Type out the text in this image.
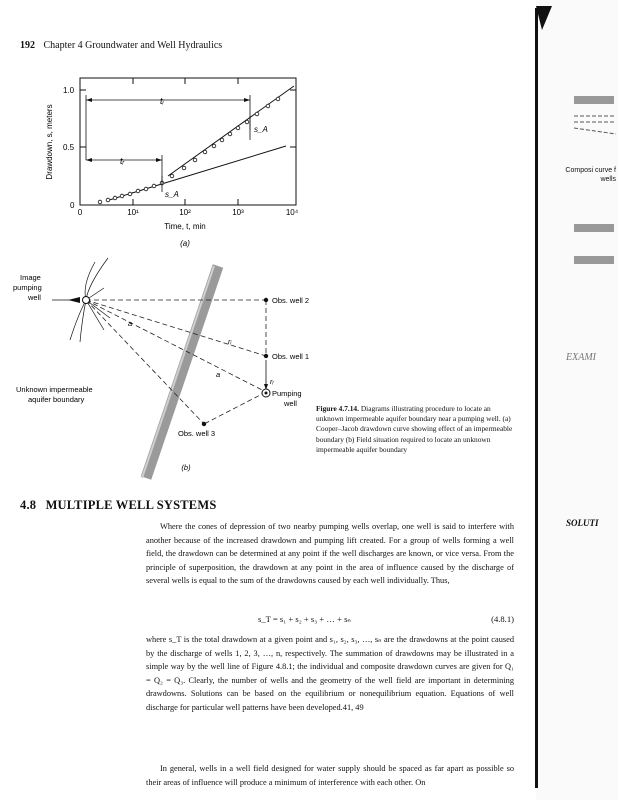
192 Chapter 4 Groundwater and Well Hydraulics
tᵢ
tᵣ
s_A
s_A
1.0
0.5
0
0	10¹	10²	10³	10⁴
Time, t, min
Drawdown, s, meters
(a)
Image pumping well	Obs. well 2
Obs. well 1
Pumping well
Obs. well 3
Unknown impermeable aquifer boundary
a
a
rᵢ
rᵣ
(b)
Figure 4.7.14. Diagrams illustrating procedure to locate an unknown impermeable aquifer boundary near a pumping well. (a) Cooper–Jacob drawdown curve showing effect of an impermeable boundary (b) Field situation required to locate an unknown impermeable aquifer boundary
4.8 MULTIPLE WELL SYSTEMS
Where the cones of depression of two nearby pumping wells overlap, one well is said to interfere with another because of the increased drawdown and pumping lift created. For a group of wells forming a well field, the drawdown can be determined at any point if the well discharges are known, or vice versa. From the principle of superposition, the drawdown at any point in the area of influence caused by the discharge of several wells is equal to the sum of the drawdowns caused by each well individually. Thus,
s_T = s₁ + s₂ + s₃ + … + sₙ	(4.8.1)
where s_T is the total drawdown at a given point and s₁, s₂, s₃, …, sₙ are the drawdowns at the point caused by the discharge of wells 1, 2, 3, …, n, respectively. The summation of drawdowns may be illustrated in a simple way by the well line of Figure 4.8.1; the individual and composite drawdown curves are given for Q₁ = Q₂ = Q₃. Clearly, the number of wells and the geometry of the well field are important in determining drawdowns. Solutions can be based on the equilibrium or nonequilibrium equation. Equations of well discharge for particular well patterns have been developed.41, 49
In general, wells in a well field designed for water supply should be spaced as far apart as possible so their areas of influence will produce a minimum of interference with each other. On
Composi curve f wells
EXAMI
SOLUTI
